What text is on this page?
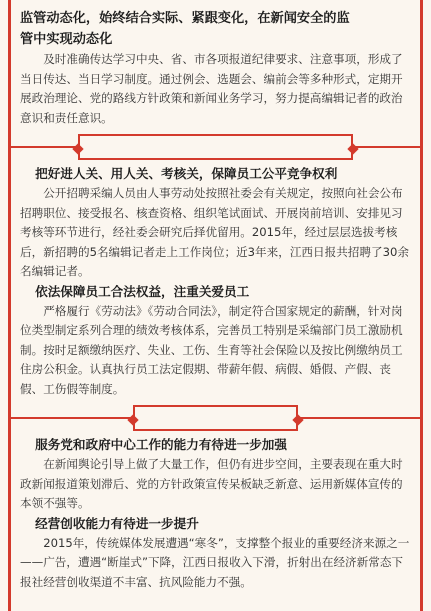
监管动态化，始终结合实际、紧跟变化，在新闻安全的监
管中实现动态化

及时准确传达学习中央、省、市各项报道纪律要求、注意事项，形成了当日传达、当日学习制度。通过例会、选题会、编前会等多种形式，定期开展政治理论、党的路线方针政策和新闻业务学习，努力提高编辑记者的政治意识和责任意识。

把好进人关、用人关、考核关，保障员工公平竞争权利

公开招聘采编人员由人事劳动处按照社委会有关规定，按照向社会公布招聘职位、接受报名、核查资格、组织笔试面试、开展岗前培训、安排见习考核等环节进行，经社委会研究后择优留用。2015年，经过层层选拔考核后，新招聘的5名编辑记者走上工作岗位；近3年来，江西日报共招聘了30余名编辑记者。

依法保障员工合法权益，注重关爱员工

严格履行《劳动法》《劳动合同法》，制定符合国家规定的薪酬，针对岗位类型制定系列合理的绩效考核体系，完善员工特别是采编部门员工激励机制。按时足额缴纳医疗、失业、工伤、生育等社会保险以及按比例缴纳员工住房公积金。认真执行员工法定假期、带薪年假、病假、婚假、产假、丧假、工伤假等制度。

服务党和政府中心工作的能力有待进一步加强

在新闻舆论引导上做了大量工作，但仍有进步空间，主要表现在重大时政新闻报道策划滞后、党的方针政策宣传呆板缺乏新意、运用新媒体宣传的本领不强等。

经营创收能力有待进一步提升

2015年，传统媒体发展遭遇“寒冬”，支撑整个报业的重要经济来源之一——广告，遭遇“断崖式”下降，江西日报收入下滑，折射出在经济新常态下报社经营创收渠道不丰富、抗风险能力不强。
